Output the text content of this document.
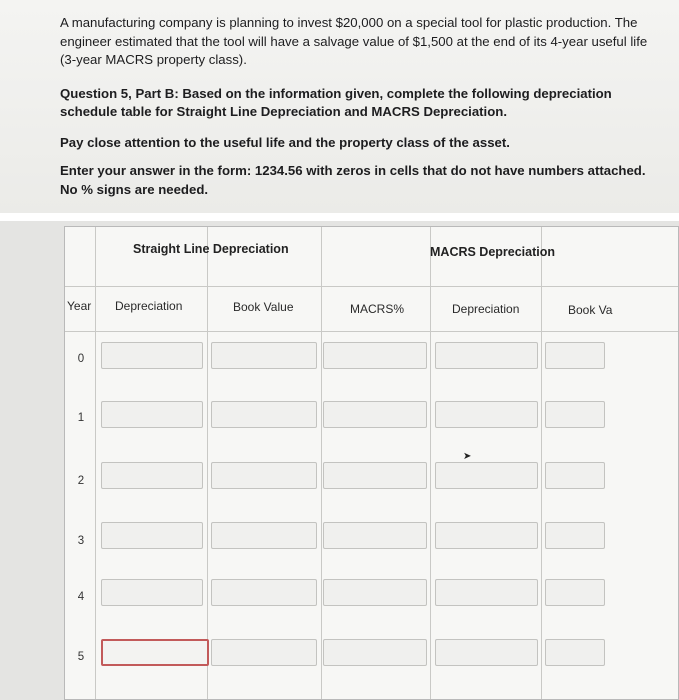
A manufacturing company is planning to invest $20,000 on a special tool for plastic production. The engineer estimated that the tool will have a salvage value of $1,500 at the end of its 4-year useful life (3-year MACRS property class).

Question 5, Part B: Based on the information given, complete the following depreciation schedule table for Straight Line Depreciation and MACRS Depreciation.

Pay close attention to the useful life and the property class of the asset.

Enter your answer in the form: 1234.56 with zeros in cells that do not have numbers attached. No % signs are needed.

Straight Line Depreciation	MACRS Depreciation
Year Depreciation	Book Value	MACRS%	Depreciation	Book Va
0
1
2
3
4
5
➤
